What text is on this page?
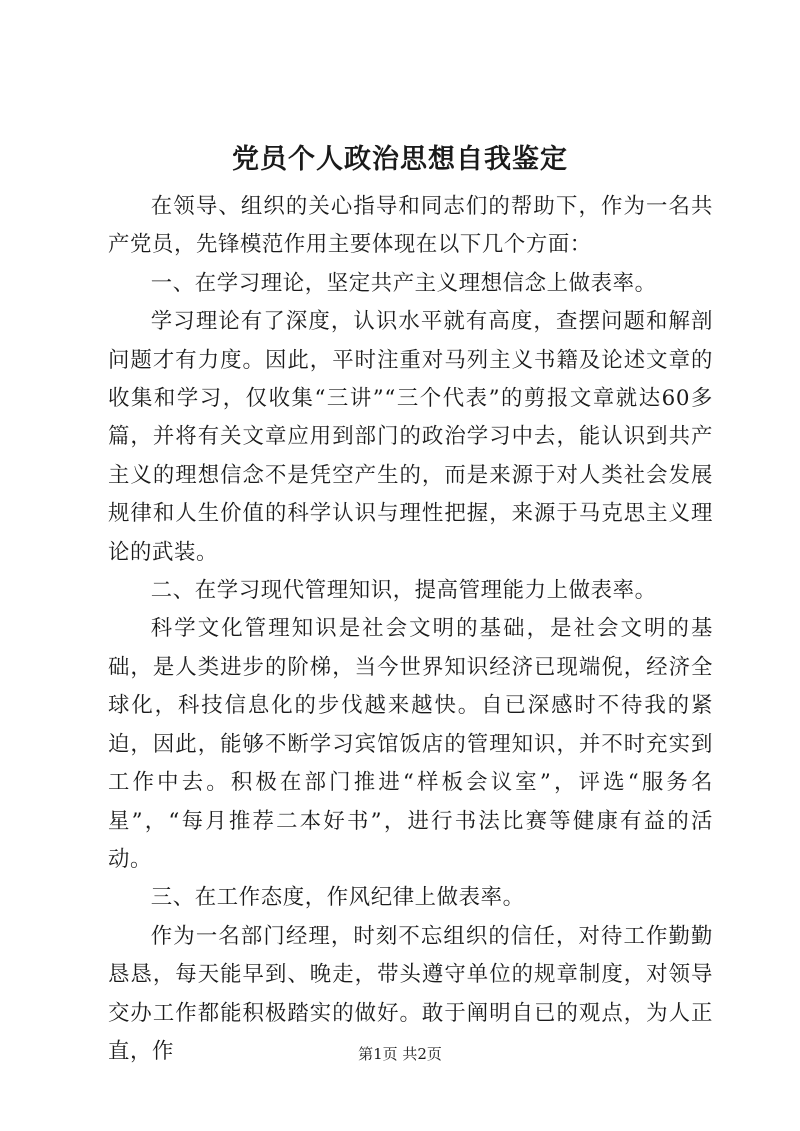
党员个人政治思想自我鉴定

在领导、组织的关心指导和同志们的帮助下，作为一名共产党员，先锋模范作用主要体现在以下几个方面：

一、在学习理论，坚定共产主义理想信念上做表率。

学习理论有了深度，认识水平就有高度，查摆问题和解剖问题才有力度。因此，平时注重对马列主义书籍及论述文章的收集和学习，仅收集“三讲”“三个代表”的剪报文章就达60多篇，并将有关文章应用到部门的政治学习中去，能认识到共产主义的理想信念不是凭空产生的，而是来源于对人类社会发展规律和人生价值的科学认识与理性把握，来源于马克思主义理论的武装。

二、在学习现代管理知识，提高管理能力上做表率。

科学文化管理知识是社会文明的基础，是社会文明的基础，是人类进步的阶梯，当今世界知识经济已现端倪，经济全球化，科技信息化的步伐越来越快。自已深感时不待我的紧迫，因此，能够不断学习宾馆饭店的管理知识，并不时充实到工作中去。积极在部门推进“样板会议室”，评选“服务名星”，“每月推荐二本好书”，进行书法比赛等健康有益的活动。

三、在工作态度，作风纪律上做表率。

作为一名部门经理，时刻不忘组织的信任，对待工作勤勤恳恳，每天能早到、晚走，带头遵守单位的规章制度，对领导交办工作都能积极踏实的做好。敢于阐明自已的观点，为人正直，作	第1页 共2页
